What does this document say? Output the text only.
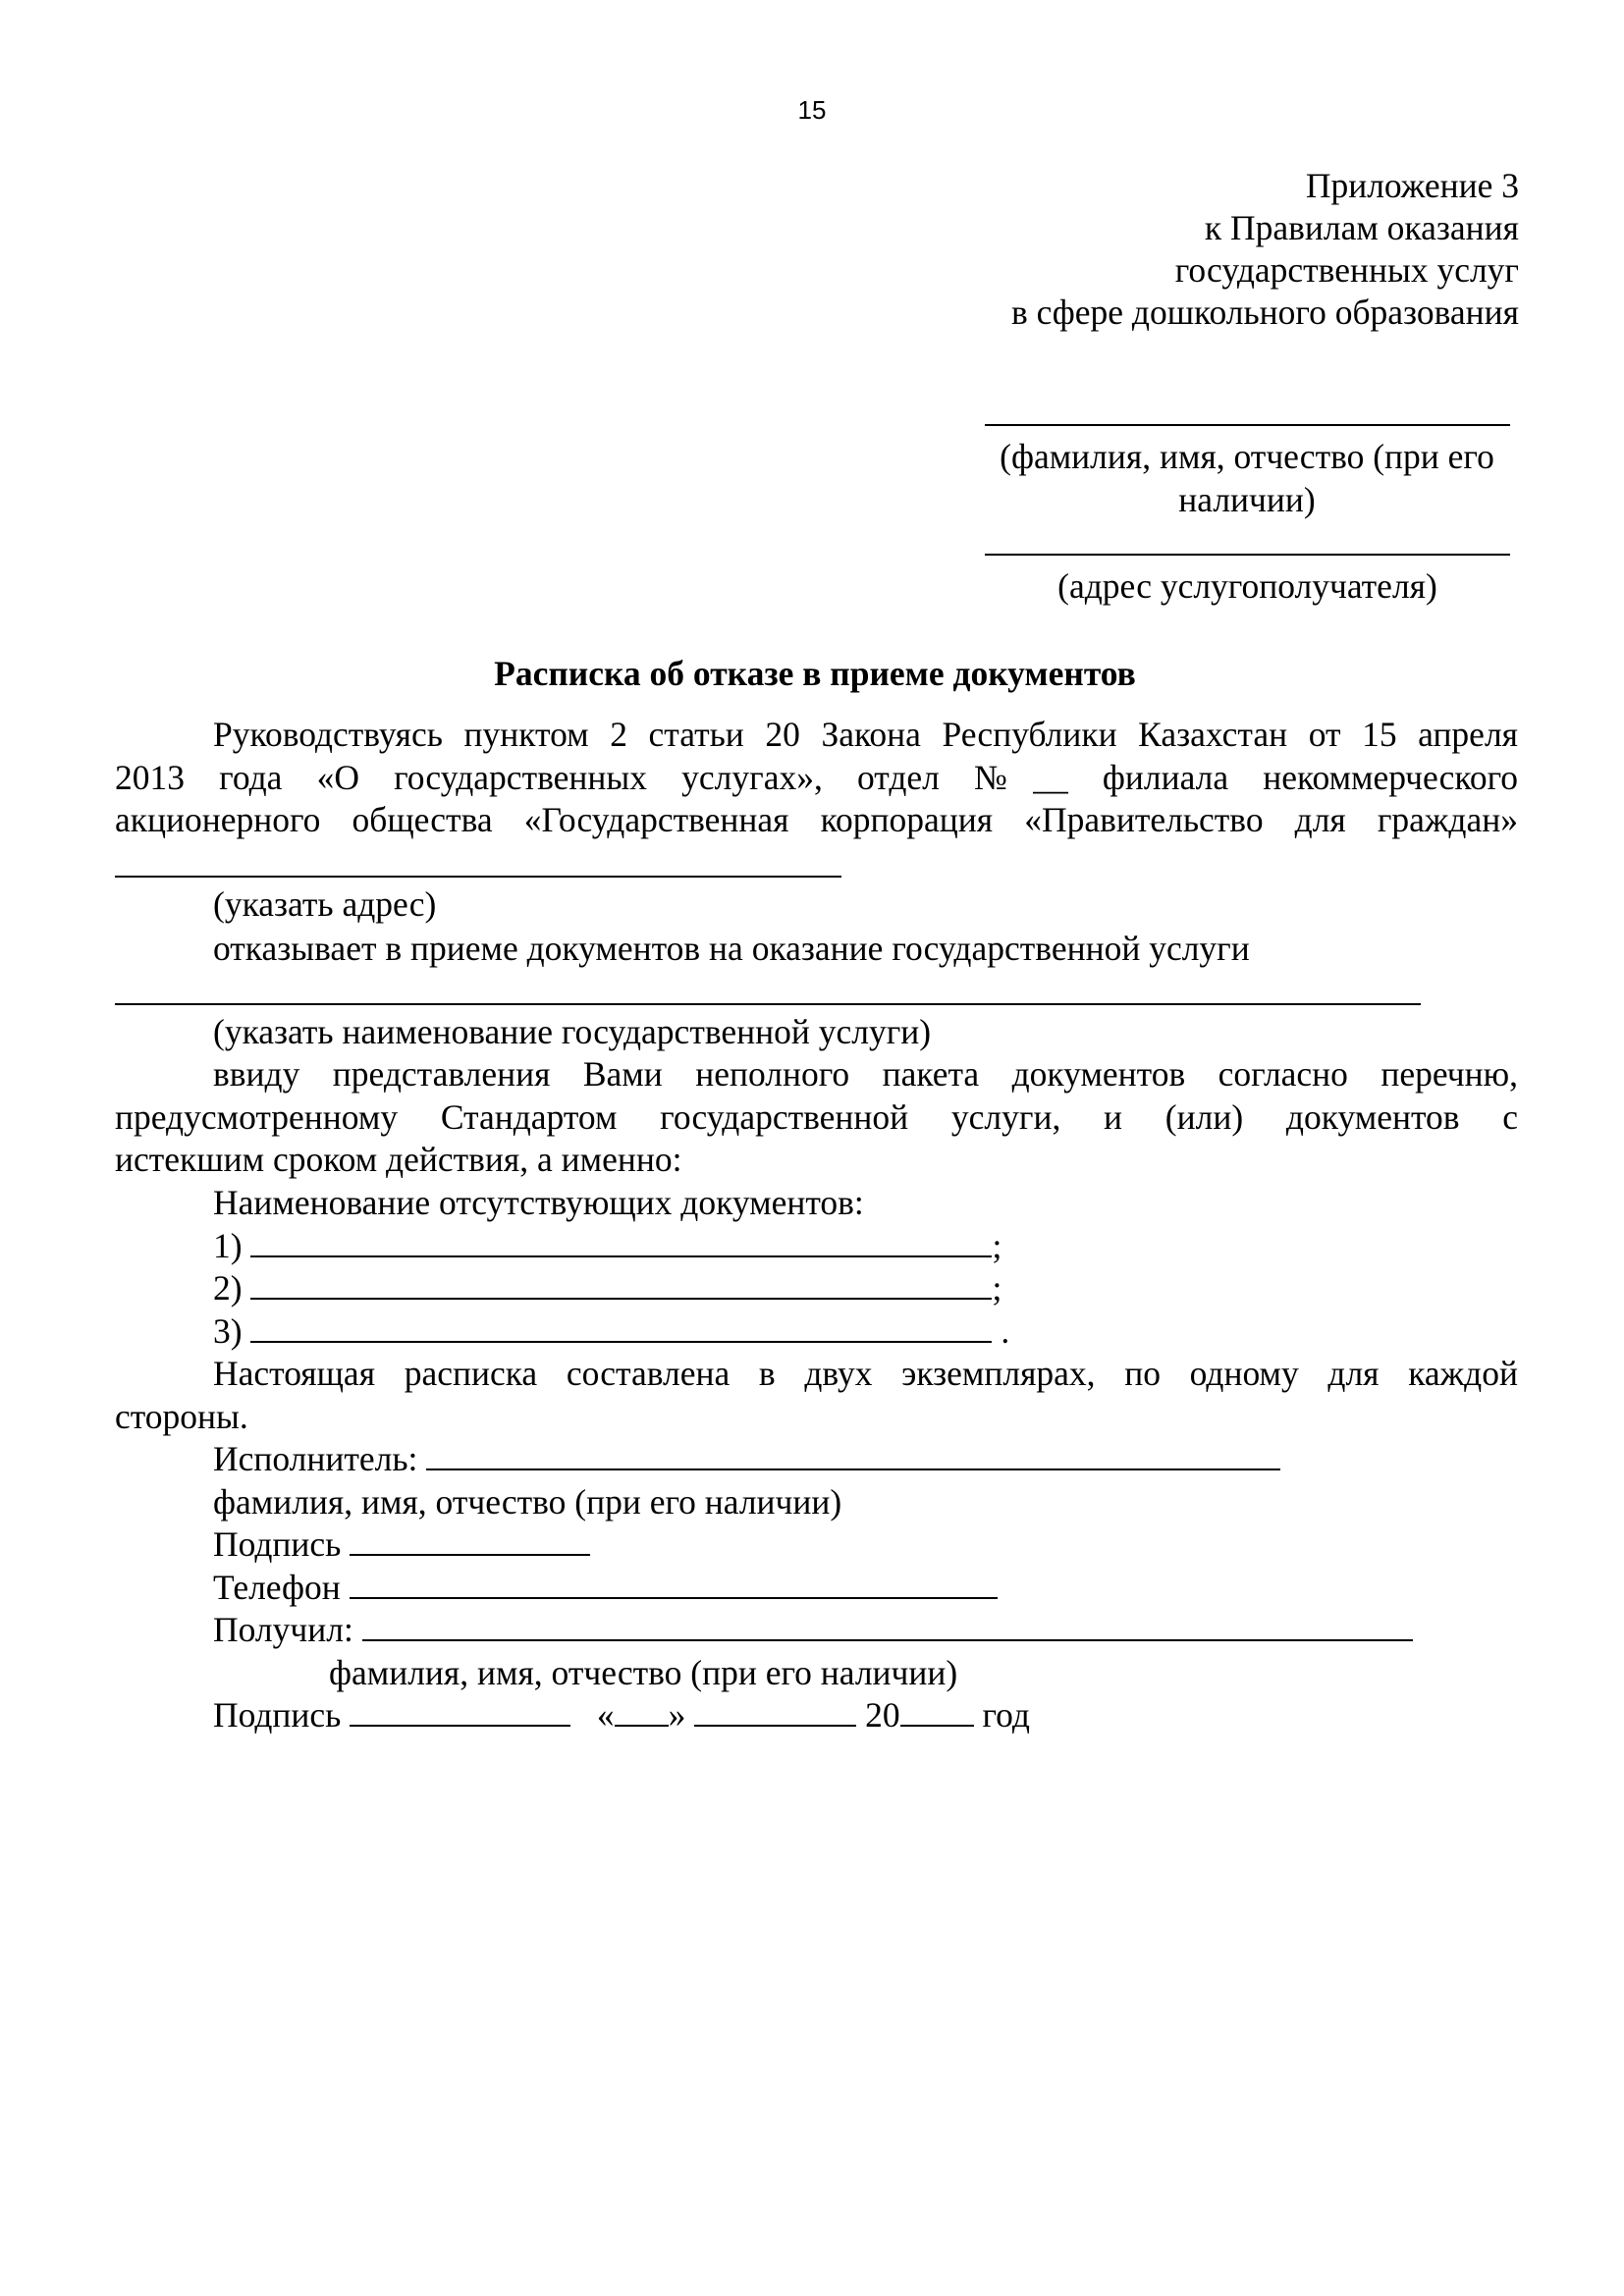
15
Приложение 3
к Правилам оказания
государственных услуг
в сфере дошкольного образования
(фамилия, имя, отчество (при его
наличии)
(адрес услугополучателя)
Расписка об отказе в приеме документов
Руководствуясь пунктом 2 статьи 20 Закона Республики Казахстан от 15 апреля
2013 года «О государственных услугах», отдел №__ филиала некоммерческого
акционерного общества «Государственная корпорация «Правительство для граждан»
(указать адрес)
отказывает в приеме документов на оказание государственной услуги
(указать наименование государственной услуги)
ввиду представления Вами неполного пакета документов согласно перечню,
предусмотренному Стандартом государственной услуги, и (или) документов с
истекшим сроком действия, а именно:
Наименование отсутствующих документов:
1)	;
2)	;
3)	.
Настоящая расписка составлена в двух экземплярах, по одному для каждой
стороны.
Исполнитель:
фамилия, имя, отчество (при его наличии)
Подпись
Телефон
Получил:
фамилия, имя, отчество (при его наличии)
Подпись	« »	20 год
